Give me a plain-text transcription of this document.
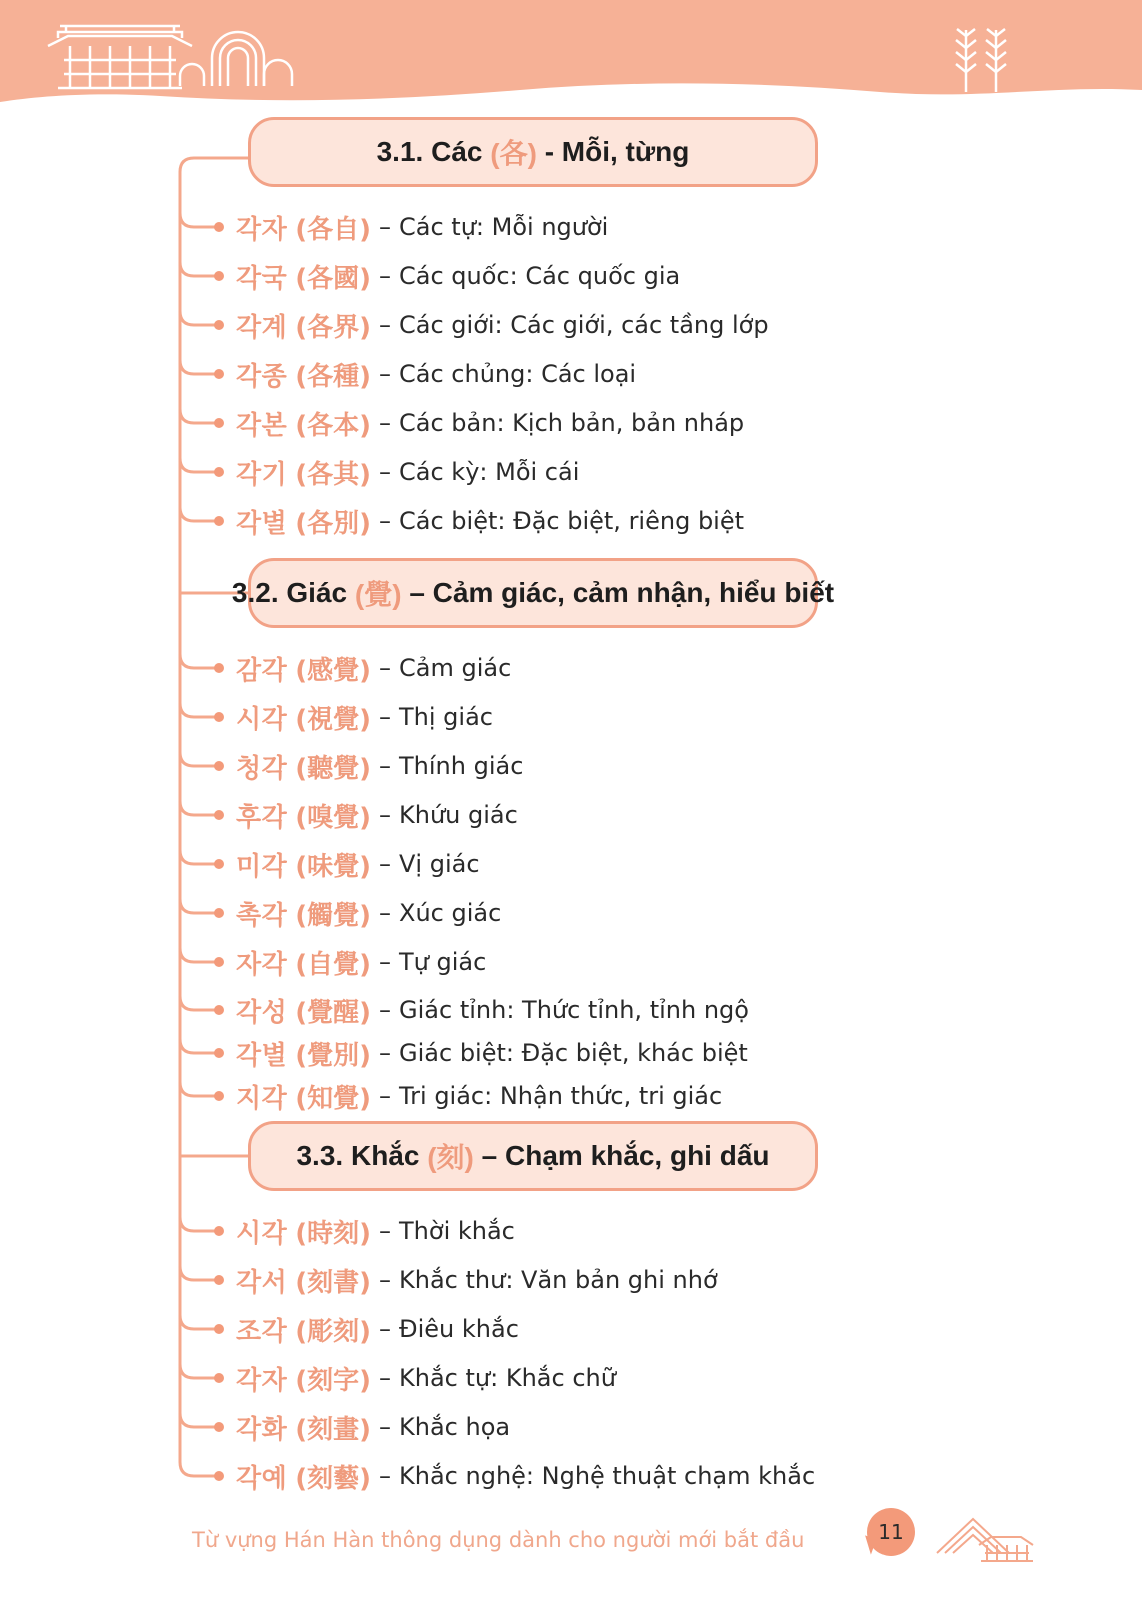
3.1. Các
(各)
- Mỗi, từng
3.2. Giác
(覺)
– Cảm giác, cảm nhận, hiểu biết
3.3. Khắc
(刻)
– Chạm khắc, ghi dấu
각자 (各自) – Các tự: Mỗi người
각국 (各國) – Các quốc: Các quốc gia
각계 (各界) – Các giới: Các giới, các tầng lớp
각종 (各種) – Các chủng: Các loại
각본 (各本) – Các bản: Kịch bản, bản nháp
각기 (各其) – Các kỳ: Mỗi cái
각별 (各別) – Các biệt: Đặc biệt, riêng biệt
감각 (感覺) – Cảm giác
시각 (視覺) – Thị giác
청각 (聽覺) – Thính giác
후각 (嗅覺) – Khứu giác
미각 (味覺) – Vị giác
촉각 (觸覺) – Xúc giác
자각 (自覺) – Tự giác
각성 (覺醒) – Giác tỉnh: Thức tỉnh, tỉnh ngộ
각별 (覺別) – Giác biệt: Đặc biệt, khác biệt
지각 (知覺) – Tri giác: Nhận thức, tri giác
시각 (時刻) – Thời khắc
각서 (刻書) – Khắc thư: Văn bản ghi nhớ
조각 (彫刻) – Điêu khắc
각자 (刻字) – Khắc tự: Khắc chữ
각화 (刻畫) – Khắc họa
각예 (刻藝) – Khắc nghệ: Nghệ thuật chạm khắc
Từ vựng Hán Hàn thông dụng dành cho người mới bắt đầu	11
